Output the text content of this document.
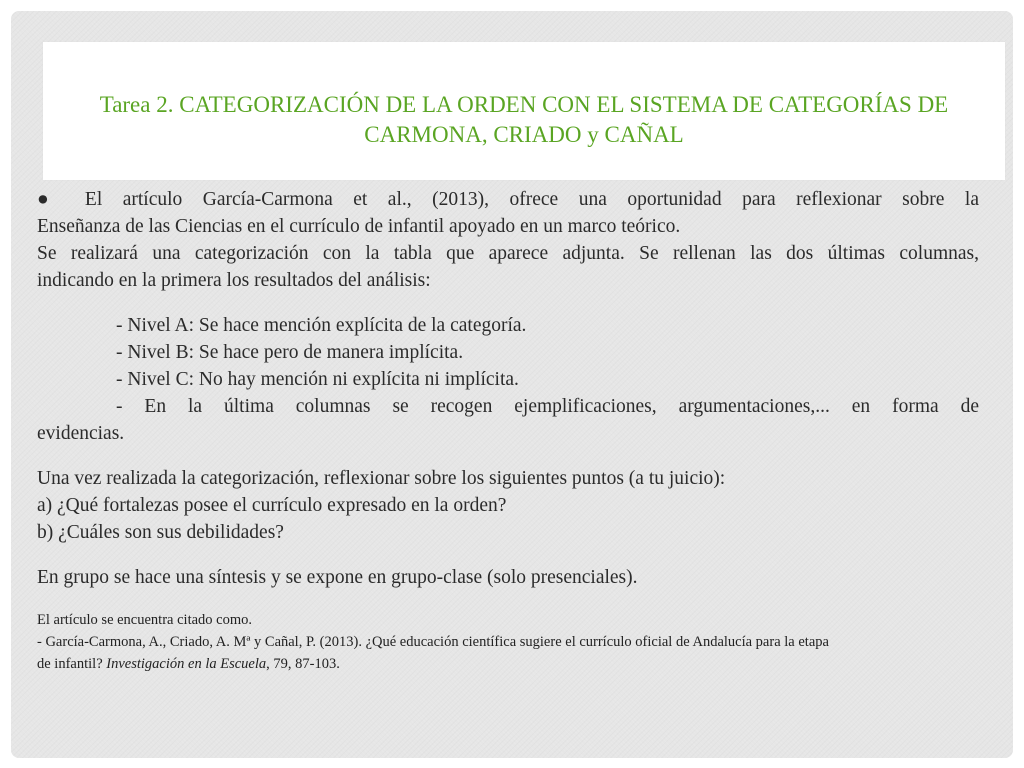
Tarea 2. CATEGORIZACIÓN DE LA ORDEN CON EL SISTEMA DE CATEGORÍAS DE CARMONA, CRIADO y CAÑAL

● El artículo García-Carmona et al., (2013), ofrece una oportunidad para reflexionar sobre la

Enseñanza de las Ciencias en el currículo de infantil apoyado en un marco teórico.

Se realizará una categorización con la tabla que aparece adjunta. Se rellenan las dos últimas columnas,

indicando en la primera los resultados del análisis:

- Nivel A: Se hace mención explícita de la categoría.

- Nivel B: Se hace pero de manera implícita.

- Nivel C: No hay mención ni explícita ni implícita.

- En la última columnas se recogen ejemplificaciones, argumentaciones,... en forma de

evidencias.

Una vez realizada la categorización, reflexionar sobre los siguientes puntos (a tu juicio):

a) ¿Qué fortalezas posee el currículo expresado en la orden?

b) ¿Cuáles son sus debilidades?

En grupo se hace una síntesis y se expone en grupo-clase (solo presenciales).

El artículo se encuentra citado como.

- García-Carmona, A., Criado, A. Mª y Cañal, P. (2013). ¿Qué educación científica sugiere el currículo oficial de Andalucía para la etapa

de infantil? Investigación en la Escuela, 79, 87-103.
